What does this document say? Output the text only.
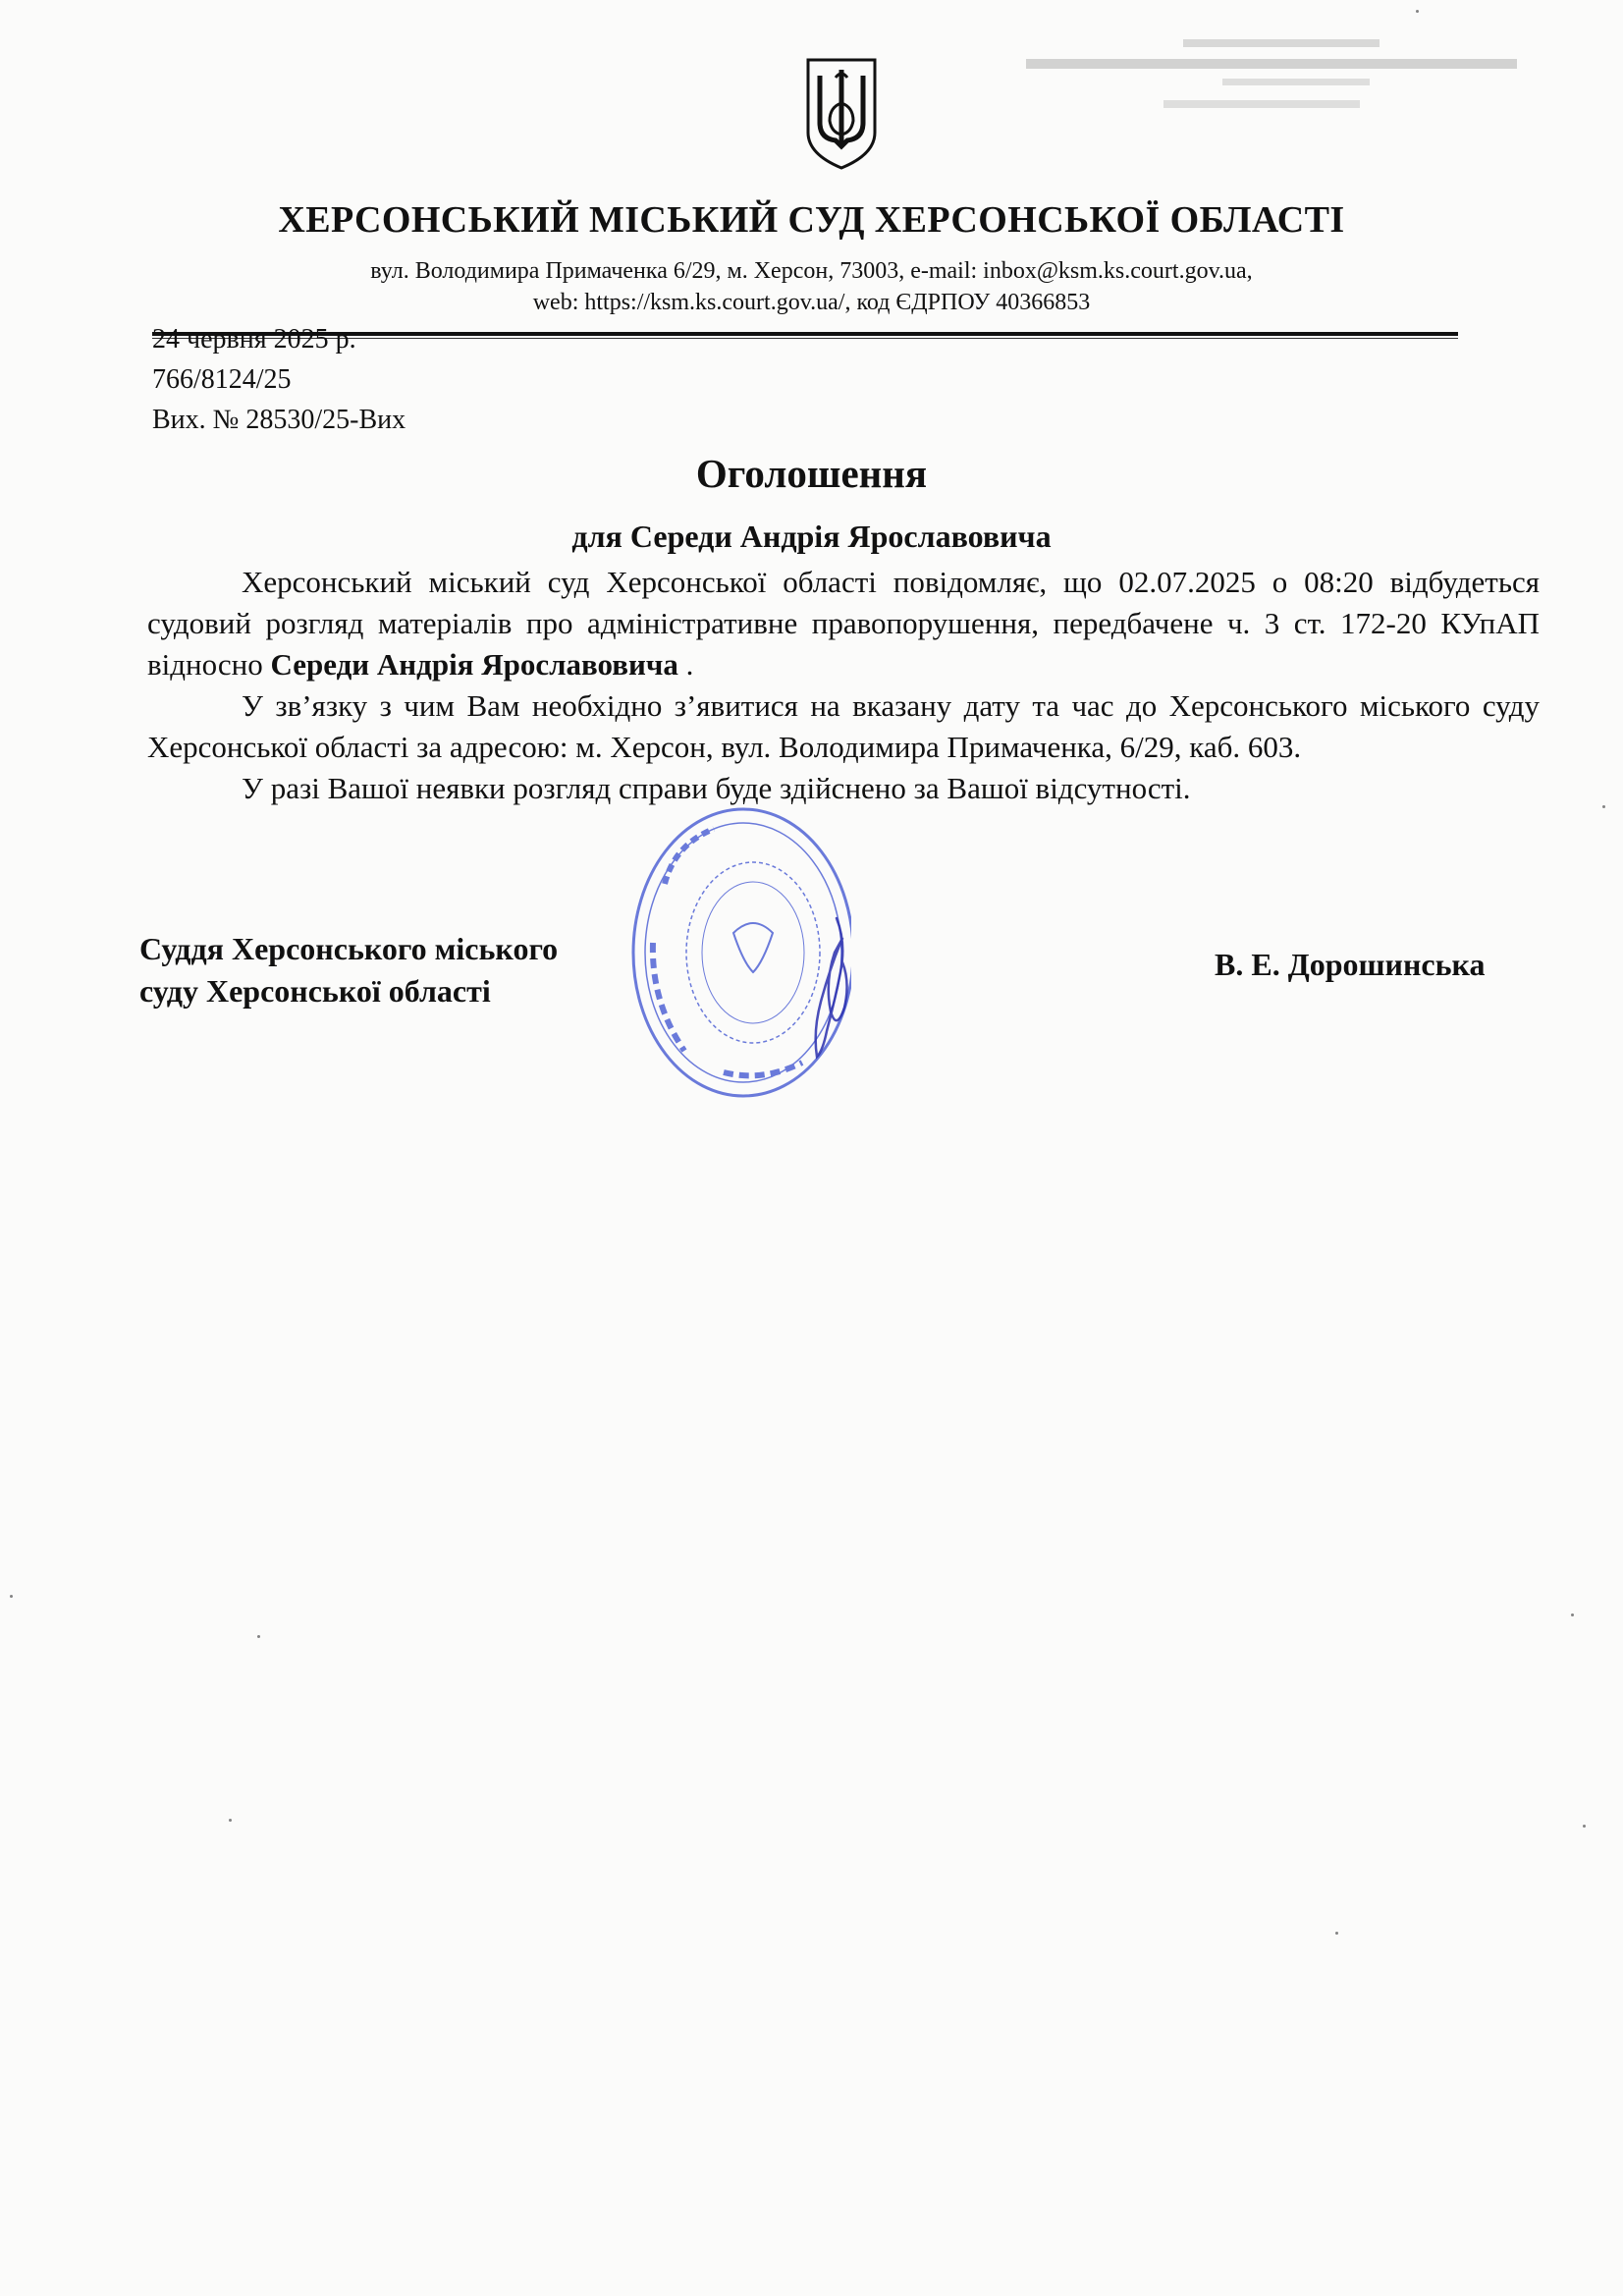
ХЕРСОНСЬКИЙ МІСЬКИЙ СУД ХЕРСОНСЬКОЇ ОБЛАСТІ
вул. Володимира Примаченка 6/29, м. Херсон, 73003, e-mail: inbox@ksm.ks.court.gov.ua,
web: https://ksm.ks.court.gov.ua/, код ЄДРПОУ 40366853
24 червня 2025 р.
766/8124/25
Вих. № 28530/25-Вих
Оголошення
для Середи Андрія Ярославовича

Херсонський міський суд Херсонської області повідомляє, що 02.07.2025 о 08:20 відбудеться судовий розгляд матеріалів про адміністративне правопорушення, передбачене ч. 3 ст. 172-20 КУпАП відносно Середи Андрія Ярославовича .

У зв’язку з чим Вам необхідно з’явитися на вказану дату та час до Херсонського міського суду Херсонської області за адресою: м. Херсон, вул. Володимира Примаченка, 6/29, каб. 603.

У разі Вашої неявки розгляд справи буде здійснено за Вашої відсутності.

Суддя Херсонського міського
суду Херсонської області
В. Е. Дорошинська
